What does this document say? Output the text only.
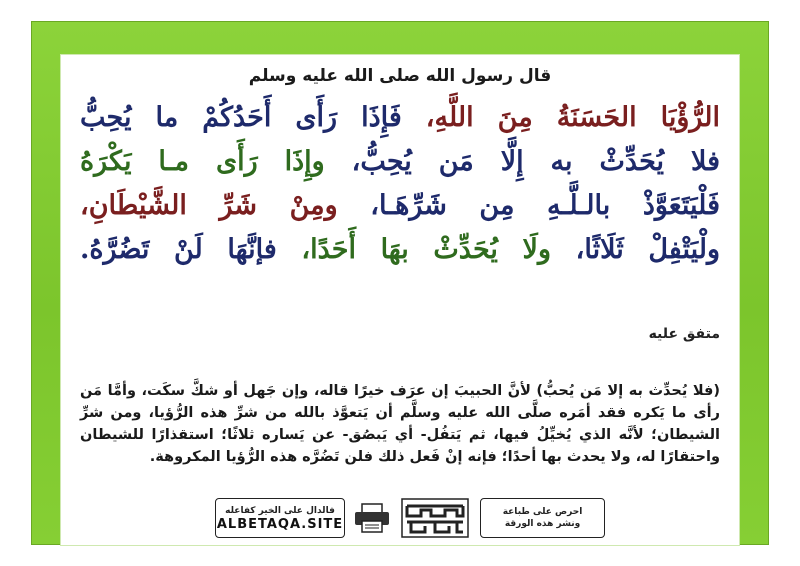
قال رسول الله صلى الله عليه وسلم
الرُّؤْيَا الحَسَنَةُ مِنَ اللَّهِ، فَإِذَا رَأَى أَحَدُكُمْ ما يُحِبُّ
فلا يُحَدِّثْ به إِلَّا مَن يُحِبُّ، وإِذَا رَأَى مـا يَكْرَهُ
فَلْيَتَعَوَّذْ بالـلَّـهِ مِن شَرِّهَـا، ومِنْ شَرِّ الشَّيْطَانِ،
ولْيَتْفِلْ ثَلَاثًا، ولَا يُحَدِّثْ بهَا أَحَدًا، فإنَّهَا لَنْ تَضُرَّهُ.
متفق عليه
(فلا يُحدِّث به إلا مَن يُحبُّ) لأنَّ الحبيبَ إن عرَف خيرًا قاله، وإن جَهل أو شكَّ سكَت، وأمَّا مَن رأى ما يَكره فقد أمَره صلَّى الله عليه وسلَّم أن يَتعوَّذ بالله من شرِّ هذه الرُّؤيا، ومن شرِّ الشيطان؛ لأنَّه الذي يُخيِّلُ فيها، ثم يَتفُل- أي يَبصُق- عن يَساره ثلاثًا؛ استقذارًا للشيطان واحتقارًا له، ولا يحدث بها أحدًا؛ فإنه إنْ فَعل ذلك فلن تَضُرَّه هذه الرُّؤيا المكروهة.
فالدال على الخير كفاعله
ALBETAQA.SITE
احرص على طباعة
ونشر هذه الورقة
